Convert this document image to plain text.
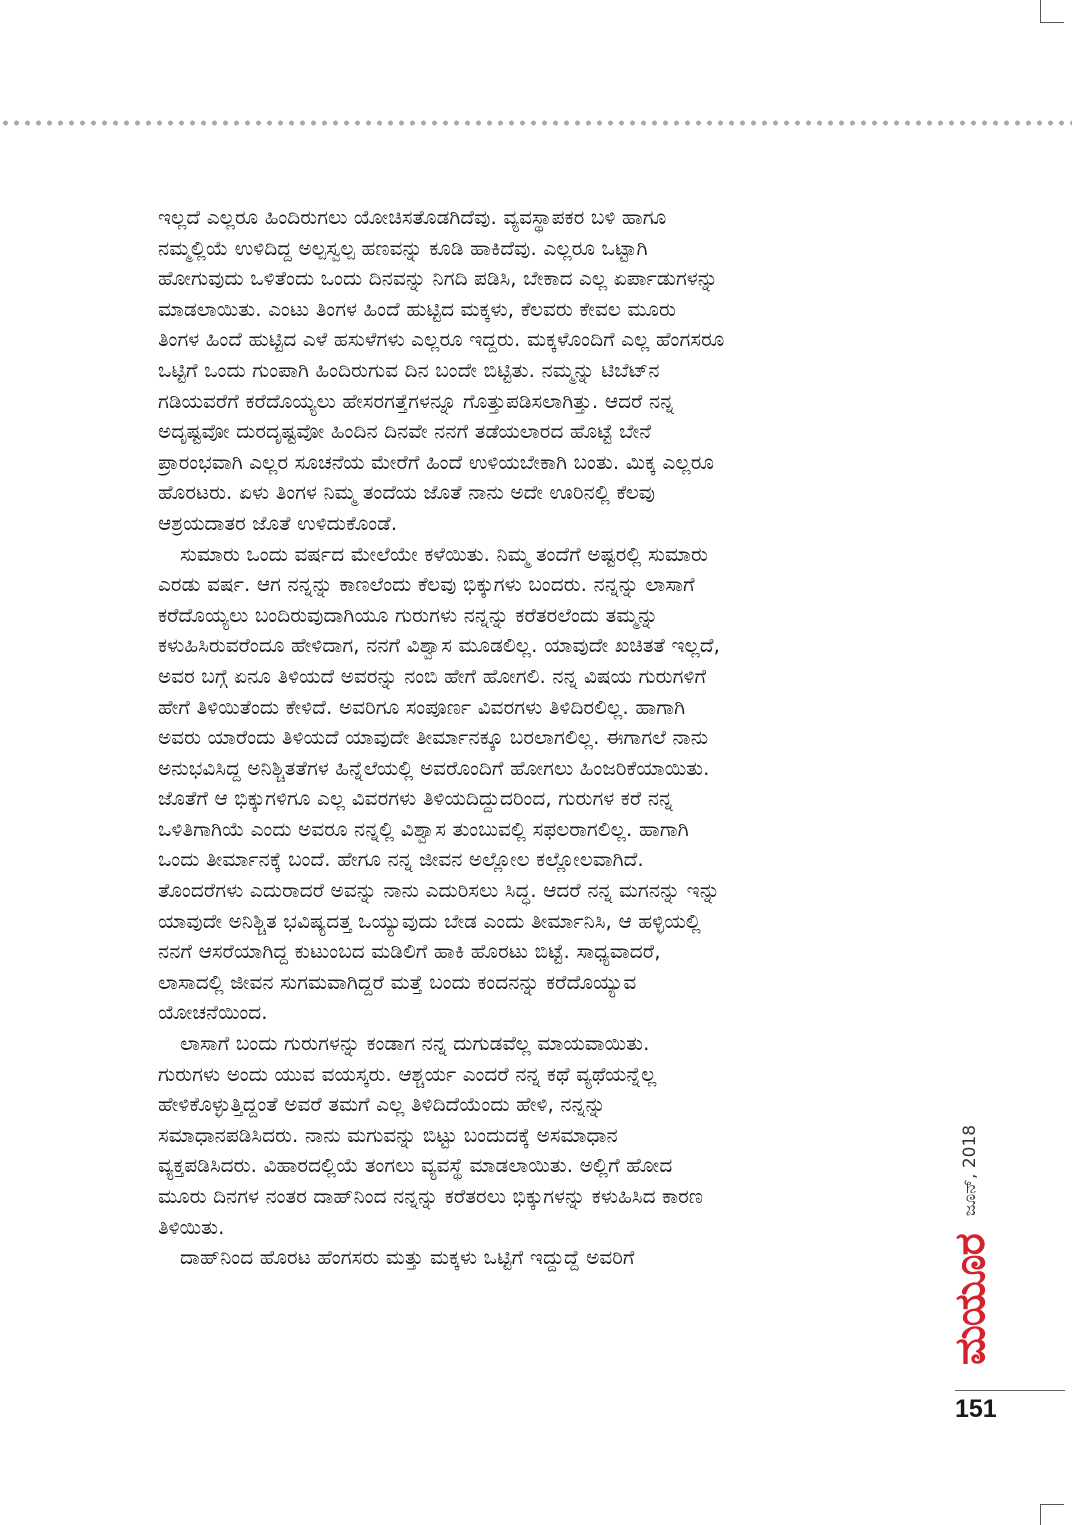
ಇಲ್ಲದೆ ಎಲ್ಲರೂ ಹಿಂದಿರುಗಲು ಯೋಚಿಸತೊಡಗಿದೆವು. ವ್ಯವಸ್ಥಾಪಕರ ಬಳಿ ಹಾಗೂ
ನಮ್ಮಲ್ಲಿಯೆ ಉಳಿದಿದ್ದ ಅಲ್ಪಸ್ವಲ್ಪ ಹಣವನ್ನು ಕೂಡಿ ಹಾಕಿದೆವು. ಎಲ್ಲರೂ ಒಟ್ಟಾಗಿ
ಹೋಗುವುದು ಒಳಿತೆಂದು ಒಂದು ದಿನವನ್ನು ನಿಗದಿ ಪಡಿಸಿ, ಬೇಕಾದ ಎಲ್ಲ ಏರ್ಪಾಡುಗಳನ್ನು
ಮಾಡಲಾಯಿತು. ಎಂಟು ತಿಂಗಳ ಹಿಂದೆ ಹುಟ್ಟಿದ ಮಕ್ಕಳು, ಕೆಲವರು ಕೇವಲ ಮೂರು
ತಿಂಗಳ ಹಿಂದೆ ಹುಟ್ಟಿದ ಎಳೆ ಹಸುಳೆಗಳು ಎಲ್ಲರೂ ಇದ್ದರು. ಮಕ್ಕಳೊಂದಿಗೆ ಎಲ್ಲ ಹೆಂಗಸರೂ
ಒಟ್ಟಿಗೆ ಒಂದು ಗುಂಪಾಗಿ ಹಿಂದಿರುಗುವ ದಿನ ಬಂದೇ ಬಿಟ್ಟಿತು. ನಮ್ಮನ್ನು ಟಿಬೆಟ್‌ನ
ಗಡಿಯವರೆಗೆ ಕರೆದೊಯ್ಯಲು ಹೇಸರಗತ್ತೆಗಳನ್ನೂ ಗೊತ್ತುಪಡಿಸಲಾಗಿತ್ತು. ಆದರೆ ನನ್ನ
ಅದೃಷ್ಟವೋ ದುರದೃಷ್ಟವೋ ಹಿಂದಿನ ದಿನವೇ ನನಗೆ ತಡೆಯಲಾರದ ಹೊಟ್ಟೆ ಬೇನೆ
ಪ್ರಾರಂಭವಾಗಿ ಎಲ್ಲರ ಸೂಚನೆಯ ಮೇರೆಗೆ ಹಿಂದೆ ಉಳಿಯಬೇಕಾಗಿ ಬಂತು. ಮಿಕ್ಕ ಎಲ್ಲರೂ
ಹೊರಟರು. ಏಳು ತಿಂಗಳ ನಿಮ್ಮ ತಂದೆಯ ಜೊತೆ ನಾನು ಅದೇ ಊರಿನಲ್ಲಿ ಕೆಲವು
ಆಶ್ರಯದಾತರ ಜೊತೆ ಉಳಿದುಕೊಂಡೆ.
ಸುಮಾರು ಒಂದು ವರ್ಷದ ಮೇಲೆಯೇ ಕಳೆಯಿತು. ನಿಮ್ಮ ತಂದೆಗೆ ಅಷ್ಟರಲ್ಲಿ ಸುಮಾರು
ಎರಡು ವರ್ಷ. ಆಗ ನನ್ನನ್ನು ಕಾಣಲೆಂದು ಕೆಲವು ಭಿಕ್ಕುಗಳು ಬಂದರು. ನನ್ನನ್ನು ಲಾಸಾಗೆ
ಕರೆದೊಯ್ಯಲು ಬಂದಿರುವುದಾಗಿಯೂ ಗುರುಗಳು ನನ್ನನ್ನು ಕರೆತರಲೆಂದು ತಮ್ಮನ್ನು
ಕಳುಹಿಸಿರುವರೆಂದೂ ಹೇಳಿದಾಗ, ನನಗೆ ವಿಶ್ವಾಸ ಮೂಡಲಿಲ್ಲ. ಯಾವುದೇ ಖಚಿತತೆ ಇಲ್ಲದೆ,
ಅವರ ಬಗ್ಗೆ ಏನೂ ತಿಳಿಯದೆ ಅವರನ್ನು ನಂಬಿ ಹೇಗೆ ಹೋಗಲಿ. ನನ್ನ ವಿಷಯ ಗುರುಗಳಿಗೆ
ಹೇಗೆ ತಿಳಿಯಿತೆಂದು ಕೇಳಿದೆ. ಅವರಿಗೂ ಸಂಪೂರ್ಣ ವಿವರಗಳು ತಿಳಿದಿರಲಿಲ್ಲ. ಹಾಗಾಗಿ
ಅವರು ಯಾರೆಂದು ತಿಳಿಯದೆ ಯಾವುದೇ ತೀರ್ಮಾನಕ್ಕೂ ಬರಲಾಗಲಿಲ್ಲ. ಈಗಾಗಲೆ ನಾನು
ಅನುಭವಿಸಿದ್ದ ಅನಿಶ್ಚಿತತೆಗಳ ಹಿನ್ನೆಲೆಯಲ್ಲಿ ಅವರೊಂದಿಗೆ ಹೋಗಲು ಹಿಂಜರಿಕೆಯಾಯಿತು.
ಜೊತೆಗೆ ಆ ಭಿಕ್ಕುಗಳಿಗೂ ಎಲ್ಲ ವಿವರಗಳು ತಿಳಿಯದಿದ್ದುದರಿಂದ, ಗುರುಗಳ ಕರೆ ನನ್ನ
ಒಳಿತಿಗಾಗಿಯೆ ಎಂದು ಅವರೂ ನನ್ನಲ್ಲಿ ವಿಶ್ವಾಸ ತುಂಬುವಲ್ಲಿ ಸಫಲರಾಗಲಿಲ್ಲ. ಹಾಗಾಗಿ
ಒಂದು ತೀರ್ಮಾನಕ್ಕೆ ಬಂದೆ. ಹೇಗೂ ನನ್ನ ಜೀವನ ಅಲ್ಲೋಲ ಕಲ್ಲೋಲವಾಗಿದೆ.
ತೊಂದರೆಗಳು ಎದುರಾದರೆ ಅವನ್ನು ನಾನು ಎದುರಿಸಲು ಸಿದ್ಧ. ಆದರೆ ನನ್ನ ಮಗನನ್ನು ಇನ್ನು
ಯಾವುದೇ ಅನಿಶ್ಚಿತ ಭವಿಷ್ಯದತ್ತ ಒಯ್ಯುವುದು ಬೇಡ ಎಂದು ತೀರ್ಮಾನಿಸಿ, ಆ ಹಳ್ಳಿಯಲ್ಲಿ
ನನಗೆ ಆಸರೆಯಾಗಿದ್ದ ಕುಟುಂಬದ ಮಡಿಲಿಗೆ ಹಾಕಿ ಹೊರಟು ಬಿಟ್ಟೆ. ಸಾಧ್ಯವಾದರೆ,
ಲಾಸಾದಲ್ಲಿ ಜೀವನ ಸುಗಮವಾಗಿದ್ದರೆ ಮತ್ತೆ ಬಂದು ಕಂದನನ್ನು ಕರೆದೊಯ್ಯುವ
ಯೋಚನೆಯಿಂದ.
ಲಾಸಾಗೆ ಬಂದು ಗುರುಗಳನ್ನು ಕಂಡಾಗ ನನ್ನ ದುಗುಡವೆಲ್ಲ ಮಾಯವಾಯಿತು.
ಗುರುಗಳು ಅಂದು ಯುವ ವಯಸ್ಕರು. ಆಶ್ಚರ್ಯ ಎಂದರೆ ನನ್ನ ಕಥೆ ವ್ಯಥೆಯನ್ನೆಲ್ಲ
ಹೇಳಿಕೊಳ್ಳುತ್ತಿದ್ದಂತೆ ಅವರೆ ತಮಗೆ ಎಲ್ಲ ತಿಳಿದಿದೆಯೆಂದು ಹೇಳಿ, ನನ್ನನ್ನು
ಸಮಾಧಾನಪಡಿಸಿದರು. ನಾನು ಮಗುವನ್ನು ಬಿಟ್ಟು ಬಂದುದಕ್ಕೆ ಅಸಮಾಧಾನ
ವ್ಯಕ್ತಪಡಿಸಿದರು. ವಿಹಾರದಲ್ಲಿಯೆ ತಂಗಲು ವ್ಯವಸ್ಥೆ ಮಾಡಲಾಯಿತು. ಅಲ್ಲಿಗೆ ಹೋದ
ಮೂರು ದಿನಗಳ ನಂತರ ದಾಹ್‌ನಿಂದ ನನ್ನನ್ನು ಕರೆತರಲು ಭಿಕ್ಕುಗಳನ್ನು ಕಳುಹಿಸಿದ ಕಾರಣ
ತಿಳಿಯಿತು.
ದಾಹ್‌ನಿಂದ ಹೊರಟ ಹೆಂಗಸರು ಮತ್ತು ಮಕ್ಕಳು ಒಟ್ಟಿಗೆ ಇದ್ದುದ್ದೆ ಅವರಿಗೆ	ಮಯೂರ
ಜೂನ್, 2018
151
